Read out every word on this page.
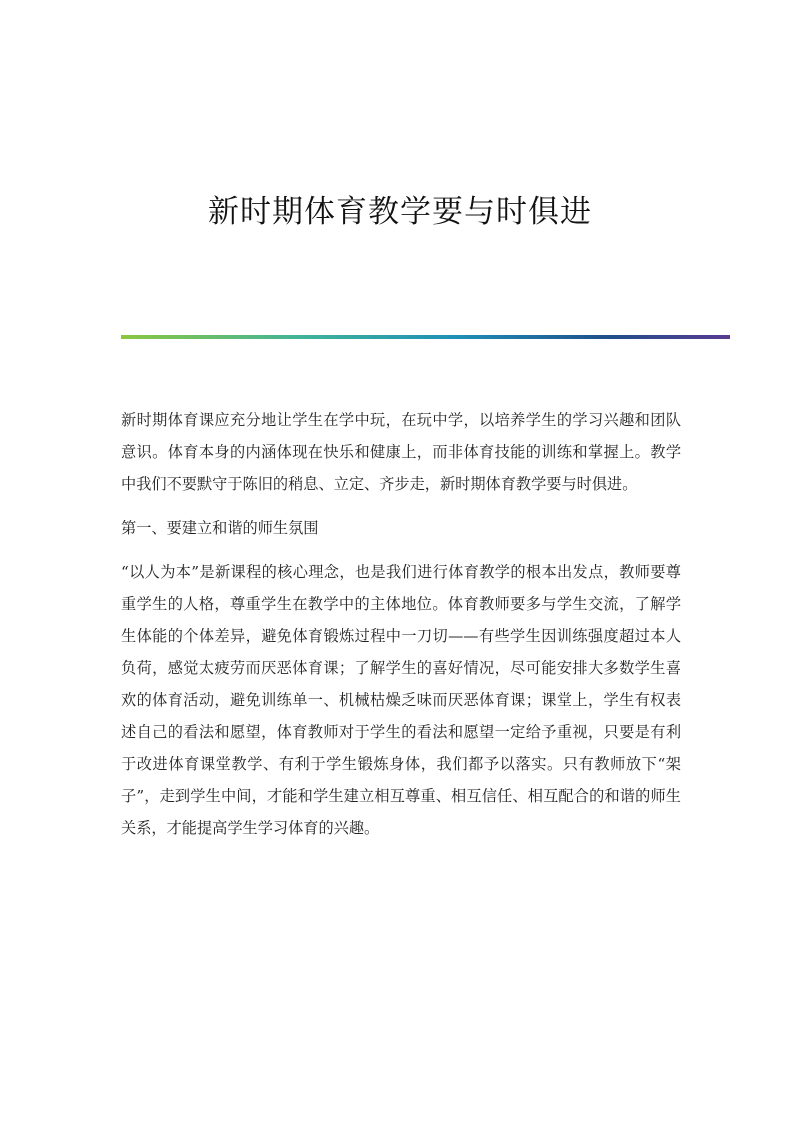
新时期体育教学要与时俱进

新时期体育课应充分地让学生在学中玩，在玩中学，以培养学生的学习兴趣和团队意识。体育本身的内涵体现在快乐和健康上，而非体育技能的训练和掌握上。教学中我们不要默守于陈旧的稍息、立定、齐步走，新时期体育教学要与时俱进。

第一、要建立和谐的师生氛围

“以人为本”是新课程的核心理念，也是我们进行体育教学的根本出发点，教师要尊重学生的人格，尊重学生在教学中的主体地位。体育教师要多与学生交流，了解学生体能的个体差异，避免体育锻炼过程中一刀切——有些学生因训练强度超过本人负荷，感觉太疲劳而厌恶体育课；了解学生的喜好情况，尽可能安排大多数学生喜欢的体育活动，避免训练单一、机械枯燥乏味而厌恶体育课；课堂上，学生有权表述自己的看法和愿望，体育教师对于学生的看法和愿望一定给予重视，只要是有利于改进体育课堂教学、有利于学生锻炼身体，我们都予以落实。只有教师放下“架子”，走到学生中间，才能和学生建立相互尊重、相互信任、相互配合的和谐的师生关系，才能提高学生学习体育的兴趣。
